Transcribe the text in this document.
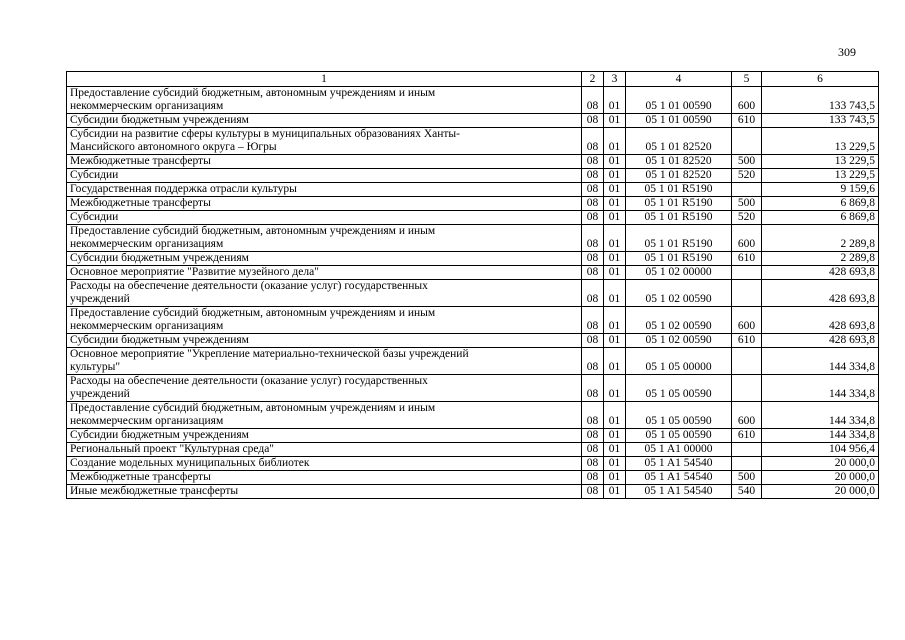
309
1	2	3	4	5	6

Предоставление субсидий бюджетным, автономным учреждениям и иным
некоммерческим организациям	08	01	05 1 01 00590	600	133 743,5
Субсидии бюджетным учреждениям	08	01	05 1 01 00590	610	133 743,5

Субсидии на развитие сферы культуры в муниципальных образованиях Ханты-
Мансийского автономного округа – Югры	08	01	05 1 01 82520		13 229,5
Межбюджетные трансферты	08	01	05 1 01 82520	500	13 229,5
Субсидии	08	01	05 1 01 82520	520	13 229,5
Государственная поддержка отрасли культуры	08	01	05 1 01 R5190		9 159,6
Межбюджетные трансферты	08	01	05 1 01 R5190	500	6 869,8
Субсидии	08	01	05 1 01 R5190	520	6 869,8

Предоставление субсидий бюджетным, автономным учреждениям и иным
некоммерческим организациям	08	01	05 1 01 R5190	600	2 289,8
Субсидии бюджетным учреждениям	08	01	05 1 01 R5190	610	2 289,8
Основное мероприятие "Развитие музейного дела"	08	01	05 1 02 00000		428 693,8

Расходы на обеспечение деятельности (оказание услуг) государственных
учреждений	08	01	05 1 02 00590		428 693,8

Предоставление субсидий бюджетным, автономным учреждениям и иным
некоммерческим организациям	08	01	05 1 02 00590	600	428 693,8
Субсидии бюджетным учреждениям	08	01	05 1 02 00590	610	428 693,8

Основное мероприятие "Укрепление материально-технической базы учреждений
культуры"	08	01	05 1 05 00000		144 334,8

Расходы на обеспечение деятельности (оказание услуг) государственных
учреждений	08	01	05 1 05 00590		144 334,8

Предоставление субсидий бюджетным, автономным учреждениям и иным
некоммерческим организациям	08	01	05 1 05 00590	600	144 334,8
Субсидии бюджетным учреждениям	08	01	05 1 05 00590	610	144 334,8
Региональный проект "Культурная среда"	08	01	05 1 A1 00000		104 956,4
Создание модельных муниципальных библиотек	08	01	05 1 A1 54540		20 000,0
Межбюджетные трансферты	08	01	05 1 A1 54540	500	20 000,0
Иные межбюджетные трансферты	08	01	05 1 A1 54540	540	20 000,0
